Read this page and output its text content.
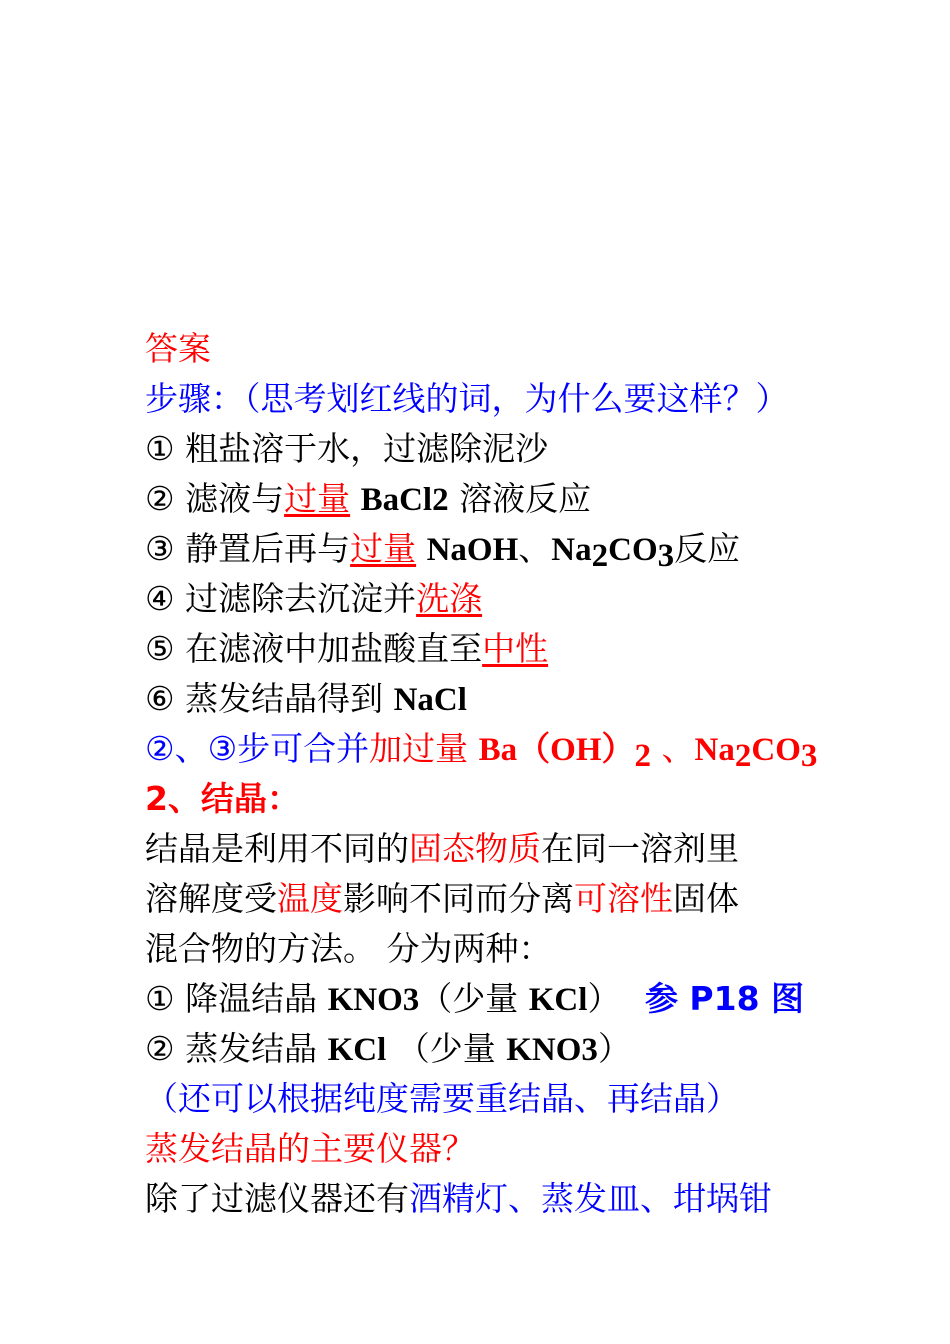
答案
步骤：（思考划红线的词，为什么要这样？）
① 粗盐溶于水，过滤除泥沙
② 滤液与过量 BaCl2 溶液反应
③ 静置后再与过量 NaOH、$Na_2CO_3$反应
④ 过滤除去沉淀并洗涤
⑤ 在滤液中加盐酸直至中性
⑥ 蒸发结晶得到 NaCl
②、③步可合并加过量 $Ba(OH)_2$ 、$Na_2CO_3$
2、结晶：
结晶是利用不同的固态物质在同一溶剂里
溶解度受温度影响不同而分离可溶性固体
混合物的方法。 分为两种：
① 降温结晶 KNO3（少量 KCl） 参 P18 图
② 蒸发结晶 KCl （少量 KNO3）
（还可以根据纯度需要重结晶、再结晶）
蒸发结晶的主要仪器？
除了过滤仪器还有酒精灯、蒸发皿、坩埚钳
